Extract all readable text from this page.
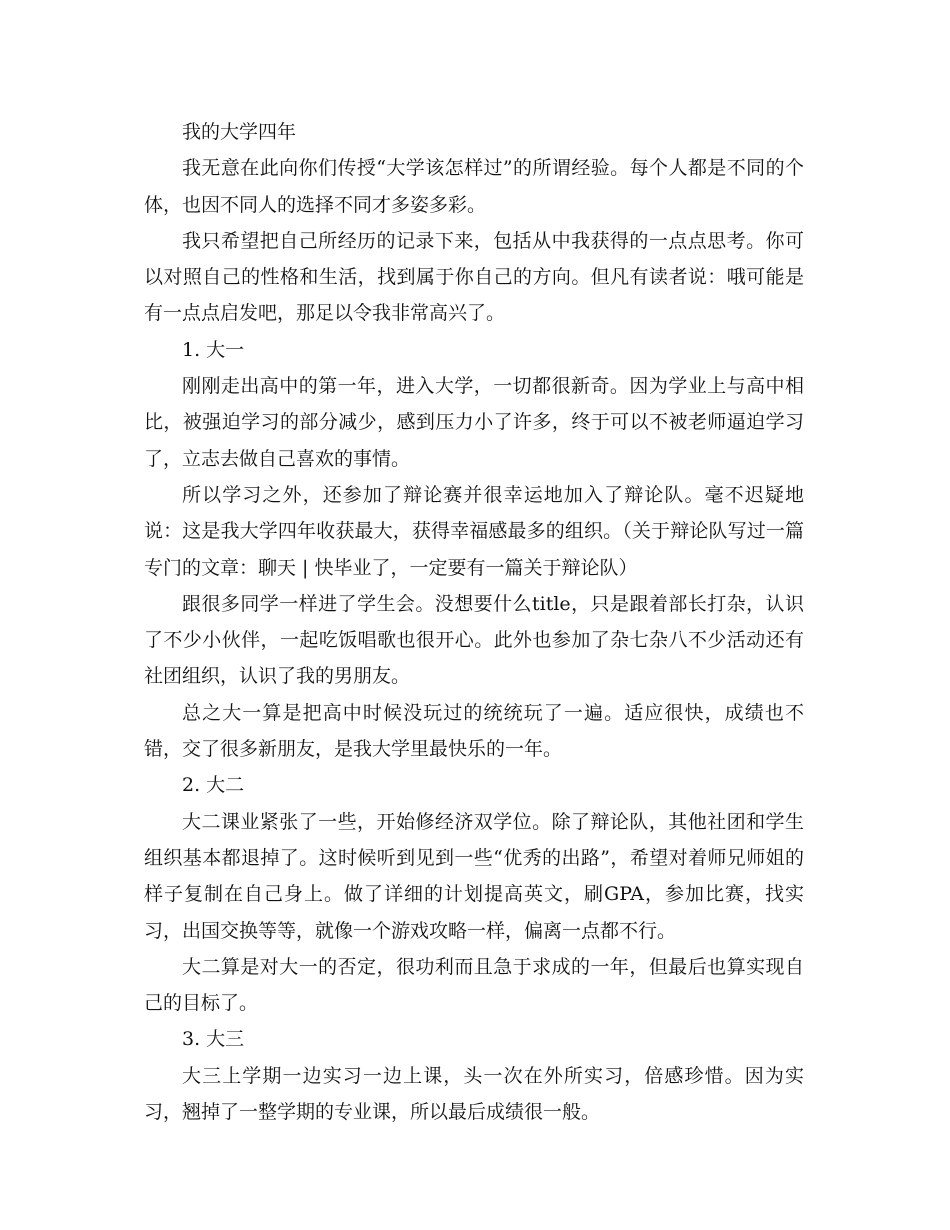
我的大学四年

我无意在此向你们传授“大学该怎样过”的所谓经验。每个人都是不同的个体，也因不同人的选择不同才多姿多彩。

我只希望把自己所经历的记录下来，包括从中我获得的一点点思考。你可以对照自己的性格和生活，找到属于你自己的方向。但凡有读者说：哦可能是有一点点启发吧，那足以令我非常高兴了。

1. 大一

刚刚走出高中的第一年，进入大学，一切都很新奇。因为学业上与高中相比，被强迫学习的部分减少，感到压力小了许多，终于可以不被老师逼迫学习了，立志去做自己喜欢的事情。

所以学习之外，还参加了辩论赛并很幸运地加入了辩论队。毫不迟疑地说：这是我大学四年收获最大，获得幸福感最多的组织。（关于辩论队写过一篇专门的文章：聊天 | 快毕业了，一定要有一篇关于辩论队）

跟很多同学一样进了学生会。没想要什么title，只是跟着部长打杂，认识了不少小伙伴，一起吃饭唱歌也很开心。此外也参加了杂七杂八不少活动还有社团组织，认识了我的男朋友。

总之大一算是把高中时候没玩过的统统玩了一遍。适应很快，成绩也不错，交了很多新朋友，是我大学里最快乐的一年。

2. 大二

大二课业紧张了一些，开始修经济双学位。除了辩论队，其他社团和学生组织基本都退掉了。这时候听到见到一些“优秀的出路”，希望对着师兄师姐的样子复制在自己身上。做了详细的计划提高英文，刷GPA，参加比赛，找实习，出国交换等等，就像一个游戏攻略一样，偏离一点都不行。

大二算是对大一的否定，很功利而且急于求成的一年，但最后也算实现自己的目标了。

3. 大三

大三上学期一边实习一边上课，头一次在外所实习，倍感珍惜。因为实习，翘掉了一整学期的专业课，所以最后成绩很一般。
